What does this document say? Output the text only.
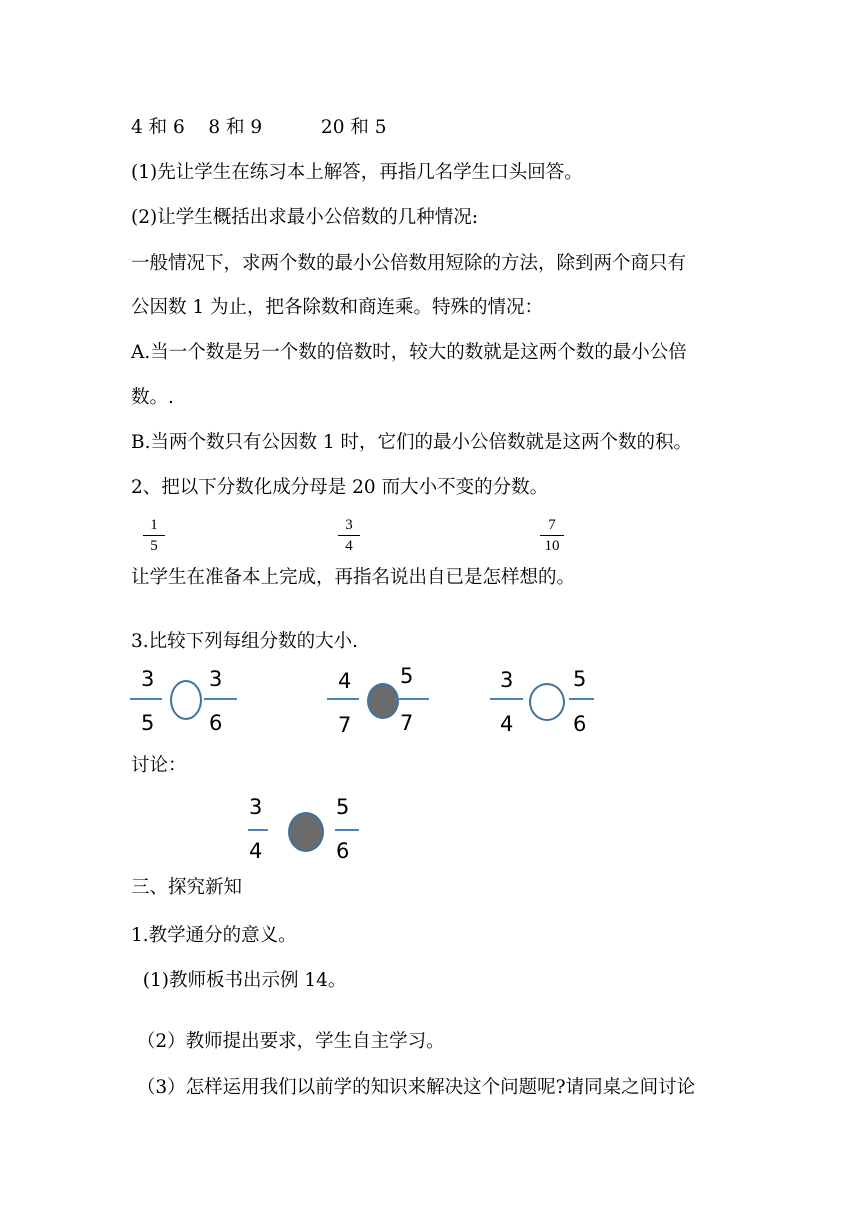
4 和 6    8 和 9          20 和 5
(1)先让学生在练习本上解答，再指几名学生口头回答。
(2)让学生概括出求最小公倍数的几种情况:
一般情况下，求两个数的最小公倍数用短除的方法，除到两个商只有
公因数 1 为止，把各除数和商连乘。特殊的情况：
A.当一个数是另一个数的倍数时，较大的数就是这两个数的最小公倍
数。.
B.当两个数只有公因数 1 时，它们的最小公倍数就是这两个数的积。
2、把以下分数化成分母是 20 而大小不变的分数。
1
5
3
4
7
10
让学生在准备本上完成，再指名说出自已是怎样想的。
3.比较下列每组分数的大小.
3
5
3
6
4
7
5
7
3
4
5
6
讨论：
3
4
5
6
三、探究新知
1.教学通分的意义。
(1)教师板书出示例 14。
（2）教师提出要求，学生自主学习。
（3）怎样运用我们以前学的知识来解决这个问题呢?请同桌之间讨论
